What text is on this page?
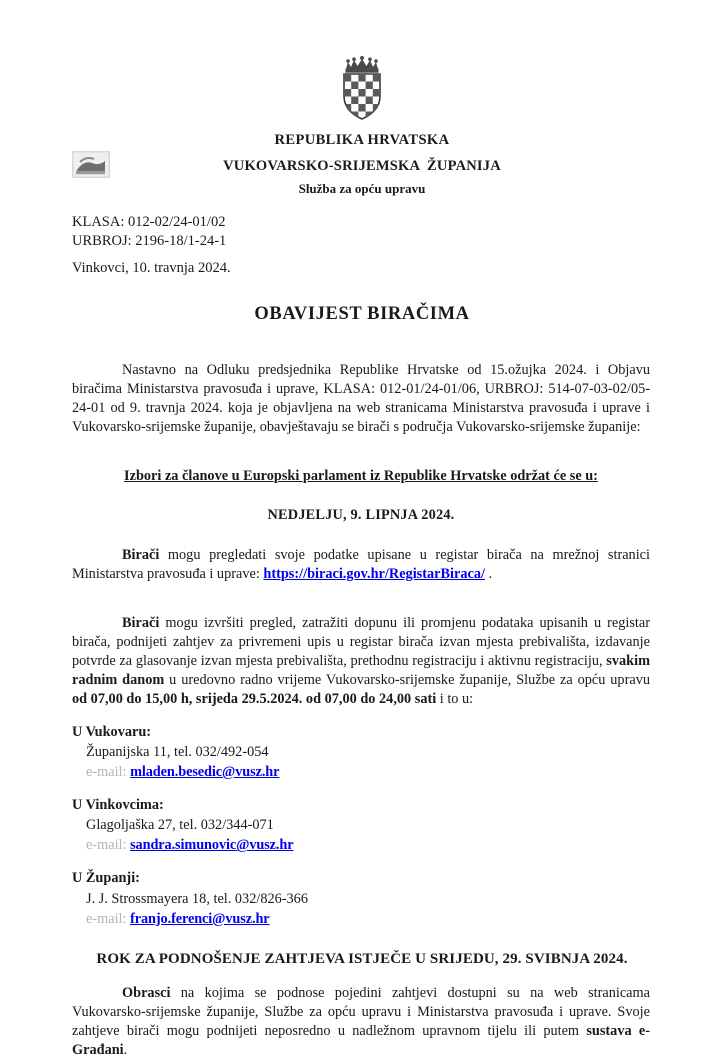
REPUBLIKA HRVATSKA
VUKOVARSKO-SRIJEMSKA  ŽUPANIJA
Služba za opću upravu
KLASA: 012-02/24-01/02
URBROJ: 2196-18/1-24-1
Vinkovci, 10. travnja 2024.
OBAVIJEST BIRAČIMA

Nastavno na Odluku predsjednika Republike Hrvatske od 15.ožujka 2024. i Objavu biračima Ministarstva pravosuđa i uprave, KLASA: 012-01/24-01/06, URBROJ: 514-07-03-02/05-24-01 od 9. travnja 2024. koja je objavljena na web stranicama Ministarstva pravosuđa i uprave i Vukovarsko-srijemske županije, obavještavaju se birači s područja Vukovarsko-srijemske županije:

Izbori za članove u Europski parlament iz Republike Hrvatske održat će se u:

NEDJELJU, 9. LIPNJA 2024.

Birači mogu pregledati svoje podatke upisane u registar birača na mrežnoj stranici Ministarstva pravosuđa i uprave: https://biraci.gov.hr/RegistarBiraca/ .

Birači mogu izvršiti pregled, zatražiti dopunu ili promjenu podataka upisanih u registar birača, podnijeti zahtjev za privremeni upis u registar birača izvan mjesta prebivališta, izdavanje potvrde za glasovanje izvan mjesta prebivališta, prethodnu registraciju i aktivnu registraciju, svakim radnim danom u uredovno radno vrijeme Vukovarsko-srijemske županije, Službe za opću upravu od 07,00 do 15,00 h, srijeda 29.5.2024. od 07,00 do 24,00 sati i to u:

U Vukovaru:
Županijska 11, tel. 032/492-054
e-mail: mladen.besedic@vusz.hr
U Vinkovcima:
Glagoljaška 27, tel. 032/344-071
e-mail: sandra.simunovic@vusz.hr
U Županji:
J. J. Strossmayera 18, tel. 032/826-366
e-mail: franjo.ferenci@vusz.hr
ROK ZA PODNOŠENJE ZAHTJEVA ISTJEČE U SRIJEDU, 29. SVIBNJA 2024.

Obrasci na kojima se podnose pojedini zahtjevi dostupni su na web stranicama Vukovarsko-srijemske županije, Službe za opću upravu i Ministarstva pravosuđa i uprave. Svoje zahtjeve birači mogu podnijeti neposredno u nadležnom upravnom tijelu ili putem sustava e-Građani.
